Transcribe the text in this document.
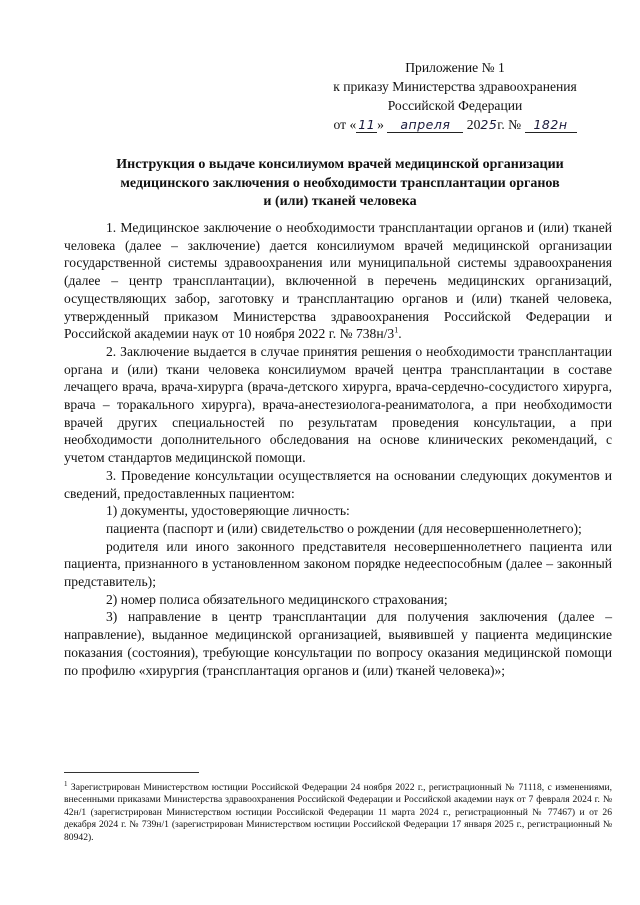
Приложение № 1
к приказу Министерства здравоохранения
Российской Федерации
от « 11 » апреля 2025г. № 182н
Инструкция о выдаче консилиумом врачей медицинской организации
медицинского заключения о необходимости трансплантации органов
и (или) тканей человека

1. Медицинское заключение о необходимости трансплантации органов и (или) тканей человека (далее – заключение) дается консилиумом врачей медицинской организации государственной системы здравоохранения или муниципальной системы здравоохранения (далее – центр трансплантации), включенной в перечень медицинских организаций, осуществляющих забор, заготовку и трансплантацию органов и (или) тканей человека, утвержденный приказом Министерства здравоохранения Российской Федерации и Российской академии наук от 10 ноября 2022 г. № $738н/3^1$.

2. Заключение выдается в случае принятия решения о необходимости трансплантации органа и (или) ткани человека консилиумом врачей центра трансплантации в составе лечащего врача, врача-хирурга (врача-детского хирурга, врача-сердечно-сосудистого хирурга, врача – торакального хирурга), врача-анестезиолога-реаниматолога, а при необходимости врачей других специальностей по результатам проведения консультации, а при необходимости дополнительного обследования на основе клинических рекомендаций, с учетом стандартов медицинской помощи.

3. Проведение консультации осуществляется на основании следующих документов и сведений, предоставленных пациентом:

1) документы, удостоверяющие личность:

пациента (паспорт и (или) свидетельство о рождении (для несовершеннолетнего);

родителя или иного законного представителя несовершеннолетнего пациента или пациента, признанного в установленном законом порядке недееспособным (далее – законный представитель);

2) номер полиса обязательного медицинского страхования;

3) направление в центр трансплантации для получения заключения (далее – направление), выданное медицинской организацией, выявившей у пациента медицинские показания (состояния), требующие консультации по вопросу оказания медицинской помощи по профилю «хирургия (трансплантация органов и (или) тканей человека)»;

$^1$ Зарегистрирован Министерством юстиции Российской Федерации 24 ноября 2022 г., регистрационный № 71118, с изменениями, внесенными приказами Министерства здравоохранения Российской Федерации и Российской академии наук от 7 февраля 2024 г. № 42н/1 (зарегистрирован Министерством юстиции Российской Федерации 11 марта 2024 г., регистрационный № 77467) и от 26 декабря 2024 г. № 739н/1 (зарегистрирован Министерством юстиции Российской Федерации 17 января 2025 г., регистрационный № 80942).
